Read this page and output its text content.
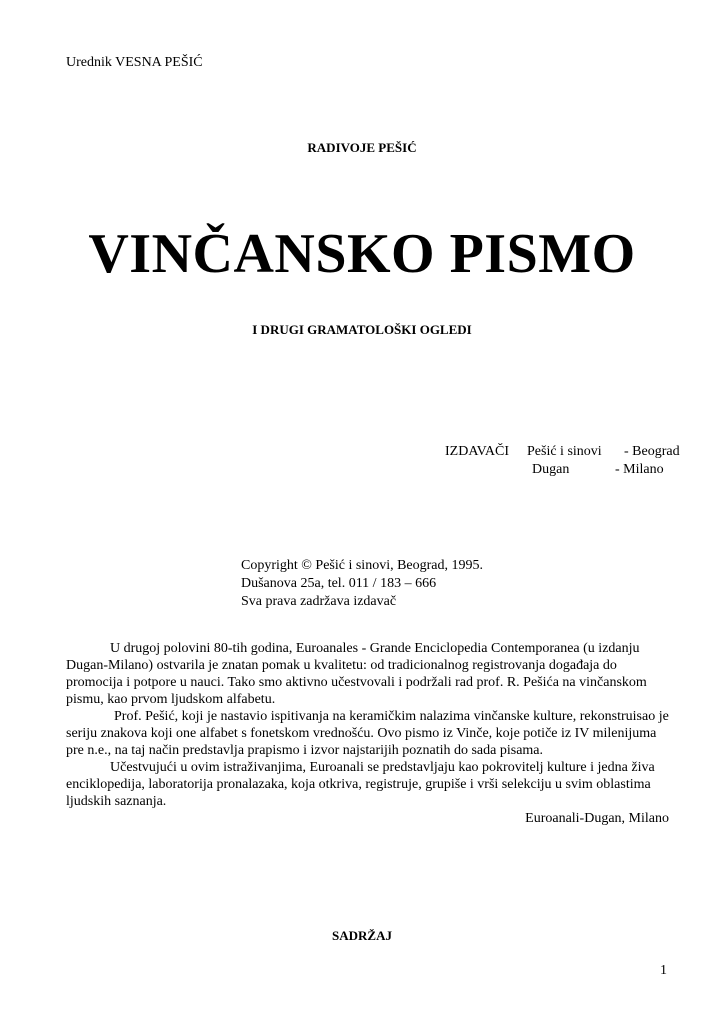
Urednik VESNA PEŠIĆ
RADIVOJE PEŠIĆ
VINČANSKO PISMO
I DRUGI GRAMATOLOŠKI OGLEDI
IZDAVAČI Pešić i sinovi - Beograd
Dugan	- Milano
Copyright © Pešić i sinovi, Beograd, 1995.
Dušanova 25a, tel. 011 / 183 – 666
Sva prava zadržava izdavač

U drugoj polovini 80-tih godina, Euroanales - Grande Enciclopedia Contemporanea (u izdanju Dugan-Milano) ostvarila je znatan pomak u kvalitetu: od tradicionalnog registrovanja događaja do promocija i potpore u nauci. Tako smo aktivno učestvovali i podržali rad prof. R. Pešića na vinčanskom pismu, kao prvom ljudskom alfabetu.

Prof. Pešić, koji je nastavio ispitivanja na keramičkim nalazima vinčanske kulture, rekonstruisao je seriju znakova koji one alfabet s fonetskom vrednošću. Ovo pismo iz Vinče, koje potiče iz IV milenijuma pre n.e., na taj način predstavlja prapismo i izvor najstarijih poznatih do sada pisama.

Učestvujući u ovim istraživanjima, Euroanali se predstavljaju kao pokrovitelj kulture i jedna živa enciklopedija, laboratorija pronalazaka, koja otkriva, registruje, grupiše i vrši selekciju u svim oblastima ljudskih saznanja.

Euroanali-Dugan, Milano

SADRŽAJ
1
